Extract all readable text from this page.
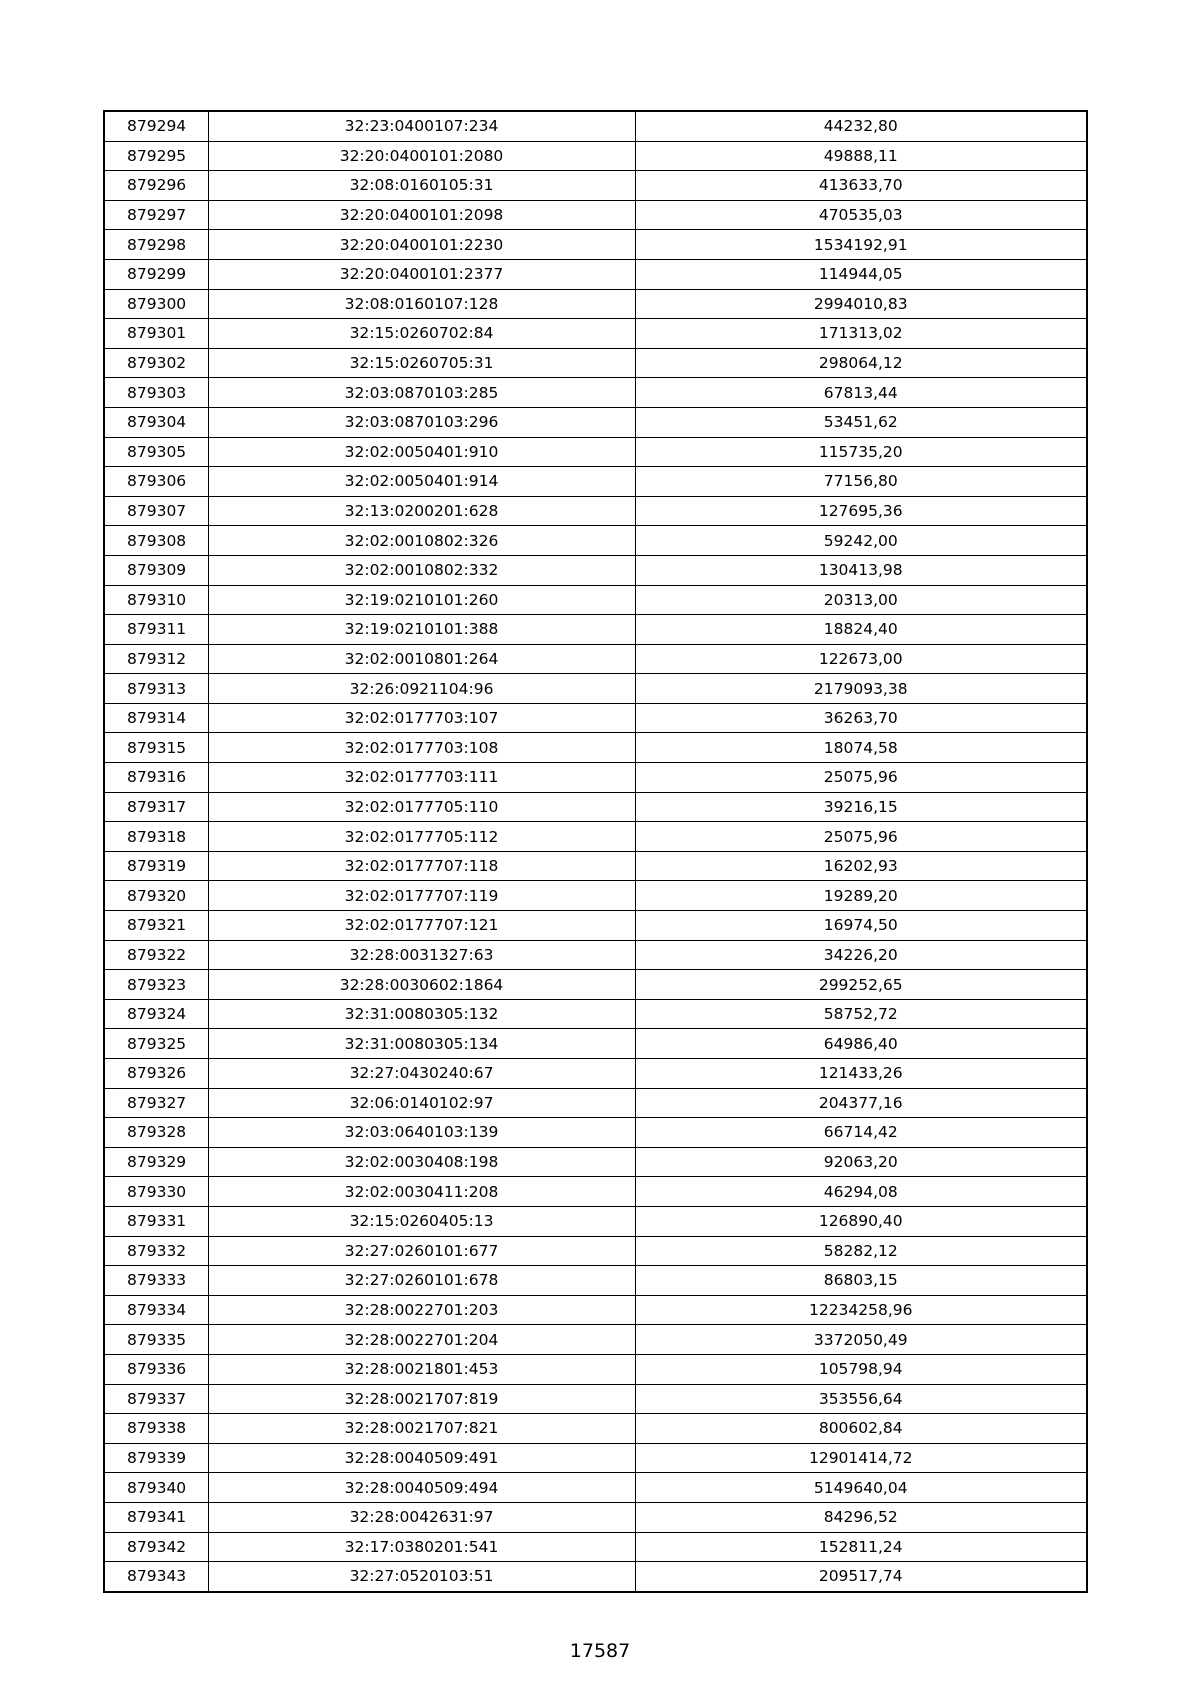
879294	32:23:0400107:234	44232,80
879295	32:20:0400101:2080	49888,11
879296	32:08:0160105:31	413633,70
879297	32:20:0400101:2098	470535,03
879298	32:20:0400101:2230	1534192,91
879299	32:20:0400101:2377	114944,05
879300	32:08:0160107:128	2994010,83
879301	32:15:0260702:84	171313,02
879302	32:15:0260705:31	298064,12
879303	32:03:0870103:285	67813,44
879304	32:03:0870103:296	53451,62
879305	32:02:0050401:910	115735,20
879306	32:02:0050401:914	77156,80
879307	32:13:0200201:628	127695,36
879308	32:02:0010802:326	59242,00
879309	32:02:0010802:332	130413,98
879310	32:19:0210101:260	20313,00
879311	32:19:0210101:388	18824,40
879312	32:02:0010801:264	122673,00
879313	32:26:0921104:96	2179093,38
879314	32:02:0177703:107	36263,70
879315	32:02:0177703:108	18074,58
879316	32:02:0177703:111	25075,96
879317	32:02:0177705:110	39216,15
879318	32:02:0177705:112	25075,96
879319	32:02:0177707:118	16202,93
879320	32:02:0177707:119	19289,20
879321	32:02:0177707:121	16974,50
879322	32:28:0031327:63	34226,20
879323	32:28:0030602:1864	299252,65
879324	32:31:0080305:132	58752,72
879325	32:31:0080305:134	64986,40
879326	32:27:0430240:67	121433,26
879327	32:06:0140102:97	204377,16
879328	32:03:0640103:139	66714,42
879329	32:02:0030408:198	92063,20
879330	32:02:0030411:208	46294,08
879331	32:15:0260405:13	126890,40
879332	32:27:0260101:677	58282,12
879333	32:27:0260101:678	86803,15
879334	32:28:0022701:203	12234258,96
879335	32:28:0022701:204	3372050,49
879336	32:28:0021801:453	105798,94
879337	32:28:0021707:819	353556,64
879338	32:28:0021707:821	800602,84
879339	32:28:0040509:491	12901414,72
879340	32:28:0040509:494	5149640,04
879341	32:28:0042631:97	84296,52
879342	32:17:0380201:541	152811,24
879343	32:27:0520103:51	209517,74
17587
